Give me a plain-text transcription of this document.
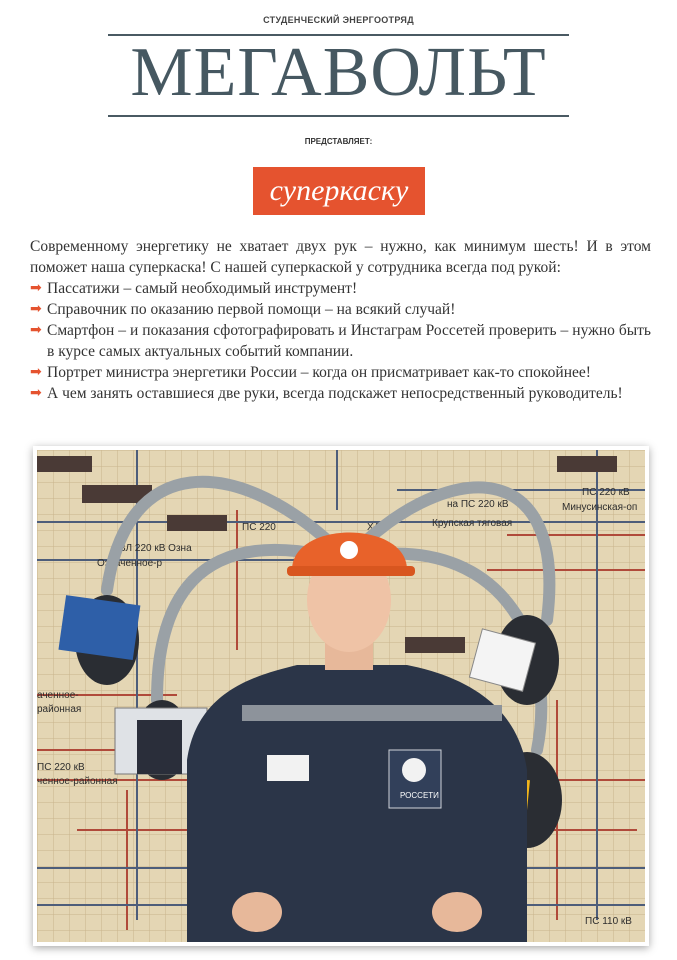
СТУДЕНЧЕСКИЙ ЭНЕРГООТРЯД
МЕГАВОЛЬТ
ПРЕДСТАВЛЯЕТ:
суперкаску

Современному энергетику не хватает двух рук – нужно, как минимум шесть! И в этом поможет наша суперкаска! С нашей суперкаской у сотрудника всегда под рукой:

➡ Пассатижи – самый необходимый инструмент!
➡ Справочник по оказанию первой помощи – на всякий случай!
➡ Смартфон – и показания сфотографировать и Инстаграм Россетей проверить – нужно быть в курсе самых актуальных событий компании.
➡ Портрет министра энергетики России – когда он присматривает как-то спокойнее!
➡ А чем занять оставшиеся две руки, всегда подскажет непосредственный руководитель!
ПС 220	ХАЗ
на ПС 220 кВ
Крупская тяговая
ПС 220 кВ
Минусинская-оп
ВЛ 220 кВ Озна
Означенное-р
аченное-
районная
ПС 220 кВ
ченное-районная
ПС 110 кВ
РОССЕТИ
